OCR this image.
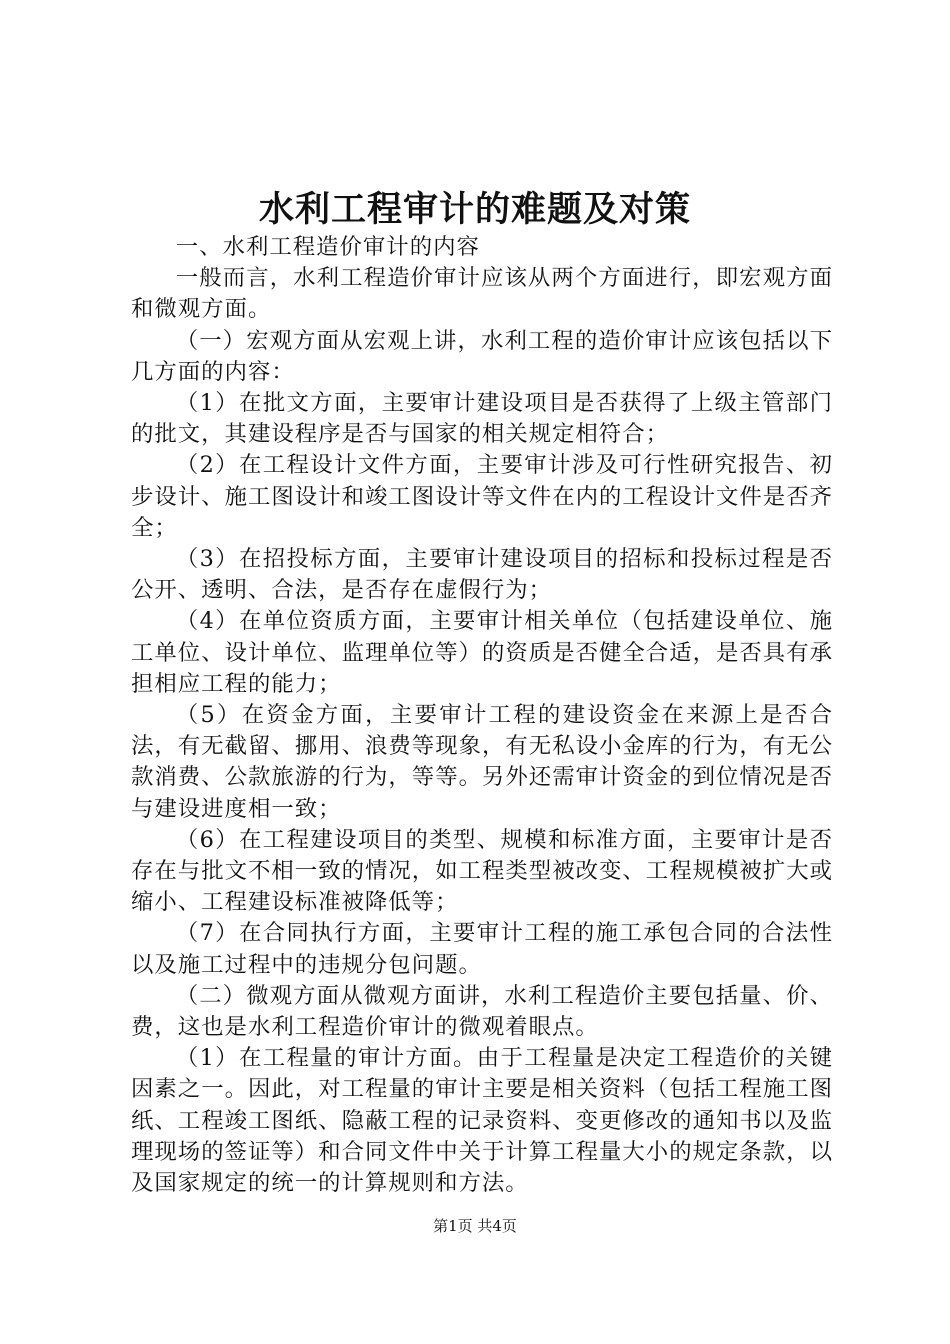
水利工程审计的难题及对策

一、水利工程造价审计的内容

一般而言，水利工程造价审计应该从两个方面进行，即宏观方面和微观方面。

（一）宏观方面从宏观上讲，水利工程的造价审计应该包括以下几方面的内容：

（1）在批文方面，主要审计建设项目是否获得了上级主管部门的批文，其建设程序是否与国家的相关规定相符合；

（2）在工程设计文件方面，主要审计涉及可行性研究报告、初步设计、施工图设计和竣工图设计等文件在内的工程设计文件是否齐全；

（3）在招投标方面，主要审计建设项目的招标和投标过程是否公开、透明、合法，是否存在虚假行为；

（4）在单位资质方面，主要审计相关单位（包括建设单位、施工单位、设计单位、监理单位等）的资质是否健全合适，是否具有承担相应工程的能力；

（5）在资金方面，主要审计工程的建设资金在来源上是否合法，有无截留、挪用、浪费等现象，有无私设小金库的行为，有无公款消费、公款旅游的行为，等等。另外还需审计资金的到位情况是否与建设进度相一致；

（6）在工程建设项目的类型、规模和标准方面，主要审计是否存在与批文不相一致的情况，如工程类型被改变、工程规模被扩大或缩小、工程建设标准被降低等；

（7）在合同执行方面，主要审计工程的施工承包合同的合法性以及施工过程中的违规分包问题。

（二）微观方面从微观方面讲，水利工程造价主要包括量、价、费，这也是水利工程造价审计的微观着眼点。

（1）在工程量的审计方面。由于工程量是决定工程造价的关键因素之一。因此，对工程量的审计主要是相关资料（包括工程施工图纸、工程竣工图纸、隐蔽工程的记录资料、变更修改的通知书以及监理现场的签证等）和合同文件中关于计算工程量大小的规定条款，以及国家规定的统一的计算规则和方法。

第1页 共4页
